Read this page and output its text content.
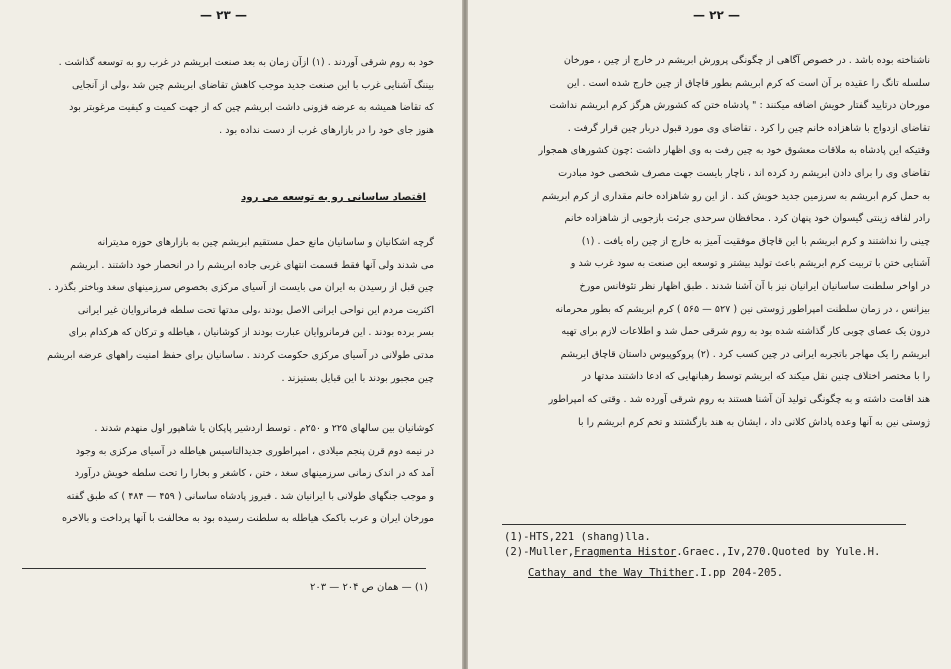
— ۲۳ —
خود به روم شرقی آوردند . (۱) ازآن زمان به بعد صنعت ابریشم در غرب رو به توسعه گذاشت .
بیننگ آشنایی غرب با این صنعت جدید موجب کاهش تقاضای ابریشم چین شد ،ولی از آنجایی
که تقاضا همیشه به عرضه فزونی داشت ابریشم چین که از جهت کمیت و کیفیت مرغوبتر بود
هنوز جای خود را در بازارهای غرب از دست نداده بود .
اقتصاد ساسانی رو به توسعه می رود
گرچه اشکانیان و ساسانیان مانع حمل مستقیم ابریشم چین به بازارهای حوزه مدیترانه
می شدند ولی آنها فقط قسمت انتهای غربی جاده ابریشم را در انحصار خود داشتند . ابریشم
چین قبل از رسیدن به ایران می بایست از آسیای مرکزی بخصوص سرزمینهای سغد وباختر بگذرد .
اکثریت مردم این نواحی ایرانی الاصل بودند ،ولی مدتها تحت سلطه فرمانروایان غیر ایرانی
بسر برده بودند . این فرمانروایان عبارت بودند از کوشانیان ، هیاطله و ترکان که هرکدام برای
مدتی طولانی در آسیای مرکزی حکومت کردند . ساسانیان برای حفظ امنیت راههای عرضه ابریشم
چین مجبور بودند با این قبایل بستیزند .
کوشانیان بین سالهای ۲۲۵ و ۲۵۰م . توسط اردشیر پاپکان یا شاهپور اول منهدم شدند .
در نیمه دوم قرن پنجم میلادی ، امپراطوری جدیدالتاسیس هیاطله در آسیای مرکزی به وجود
آمد که در اندک زمانی سرزمینهای سغد ، ختن ، کاشغر و بخارا را تحت سلطه خویش درآورد
و موجب جنگهای طولانی با ایرانیان شد . فیروز پادشاه ساسانی ( ۴۵۹ — ۴۸۴ ) که طبق گفته
مورخان ایران و عرب باکمک هیاطله به سلطنت رسیده بود به مخالفت با آنها پرداخت و بالاخره
(۱) — همان ص ۲۰۴ — ۲۰۳
— ۲۲ —
ناشناخته بوده باشد . در خصوص آگاهی از چگونگی پرورش ابریشم در خارج از چین ، مورخان
سلسله تانگ را عقیده بر آن است که کرم ابریشم بطور قاچاق از چین خارج شده است . این
مورخان درتایید گفتار خویش اضافه میکنند : " پادشاه ختن که کشورش هرگز کرم ابریشم نداشت
تقاضای ازدواج با شاهزاده خانم چین را کرد . تقاضای وی مورد قبول دربار چین قرار گرفت .
وقتیکه این پادشاه به ملاقات معشوق خود به چین رفت به وی اظهار داشت :چون کشورهای همجوار
تقاضای وی را برای دادن ابریشم رد کرده اند ، ناچار بایست جهت مصرف شخصی خود مبادرت
به حمل کرم ابریشم به سرزمین جدید خویش کند . از این رو شاهزاده خانم مقداری از کرم ابریشم
رادر لفافه زینتی گیسوان خود پنهان کرد . محافظان سرحدی جرئت بازجویی از شاهزاده خانم
چینی را نداشتند و کرم ابریشم با این قاچاق موفقیت آمیز به خارج از چین راه یافت . (۱)
آشنایی ختن با تربیت کرم ابریشم باعث تولید بیشتر و توسعه این صنعت به سود غرب شد و
در اواخر سلطنت ساسانیان ایرانیان نیز با آن آشنا شدند . طبق اظهار نظر تئوفانس مورخ
بیزانس ، در زمان سلطنت امپراطور ژوستی نین ( ۵۲۷ — ۵۶۵ ) کرم ابریشم که بطور محرمانه
درون یک عصای چوبی کار گذاشته شده بود به روم شرقی حمل شد و اطلاعات لازم برای تهیه
ابریشم را یک مهاجر باتجربه ایرانی در چین کسب کرد . (۲) پروکوپیوس داستان قاچاق ابریشم
را با مختصر اختلاف چنین نقل میکند که ابریشم توسط رهبانهایی که ادعا داشتند مدتها در
هند اقامت داشته و به چگونگی تولید آن آشنا هستند به روم شرقی آورده شد . وقتی که امپراطور
ژوستی نین به آنها وعده پاداش کلانی داد ، ایشان به هند بازگشتند و تخم کرم ابریشم را با
(1)-HTS,221 (shang)lla.
(2)-Muller,Fragmenta Histor.Graec.,Iv,270.Quoted by Yule.H.
Cathay and the Way Thither.I.pp 204-205.
